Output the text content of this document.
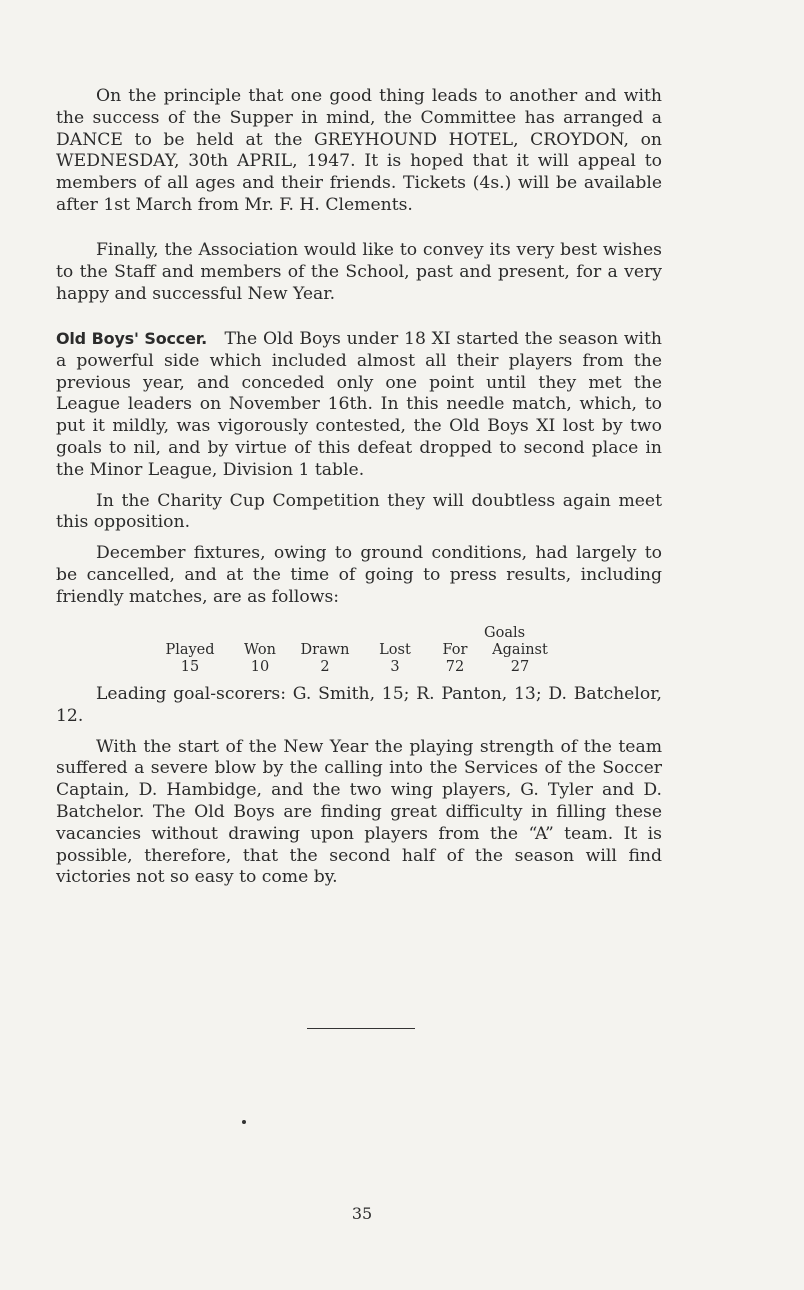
On the principle that one good thing leads to another and with the success of the Supper in mind, the Committee has arranged a DANCE to be held at the GREYHOUND HOTEL, CROYDON, on WEDNESDAY, 30th APRIL, 1947. It is hoped that it will appeal to members of all ages and their friends. Tickets (4s.) will be available after 1st March from Mr. F. H. Clements.
Finally, the Association would like to convey its very best wishes to the Staff and members of the School, past and present, for a very happy and successful New Year.

Old Boys' Soccer. The Old Boys under 18 XI started the season with a powerful side which included almost all their players from the previous year, and conceded only one point until they met the League leaders on November 16th. In this needle match, which, to put it mildly, was vigorously contested, the Old Boys XI lost by two goals to nil, and by virtue of this defeat dropped to second place in the Minor League, Division 1 table.

In the Charity Cup Competition they will doubtless again meet this opposition.

December fixtures, owing to ground conditions, had largely to be cancelled, and at the time of going to press results, including friendly matches, are as follows:

Goals
Played	Won	Drawn	Lost	For	Against
15	10	2	3	72	27

Leading goal-scorers: G. Smith, 15; R. Panton, 13; D. Batchelor, 12.

With the start of the New Year the playing strength of the team suffered a severe blow by the calling into the Services of the Soccer Captain, D. Hambidge, and the two wing players, G. Tyler and D. Batchelor. The Old Boys are finding great difficulty in filling these vacancies without drawing upon players from the “A” team. It is possible, therefore, that the second half of the season will find victories not so easy to come by.

35
